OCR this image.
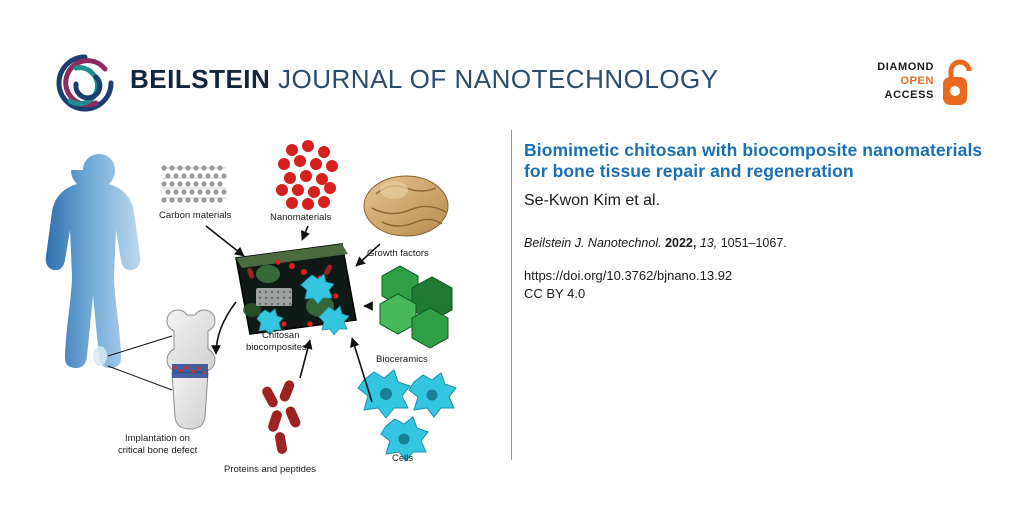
BEILSTEIN JOURNAL OF NANOTECHNOLOGY	DIAMOND
OPEN
ACCESS
Implantation on
critical bone defect
Carbon materials	Nanomaterials
Growth factors
Bioceramics
Cells
Proteins and peptides
Chitosan
biocomposites
Biomimetic chitosan with biocomposite nanomaterials for bone tissue repair and regeneration
Se-Kwon Kim et al.
Beilstein J. Nanotechnol. 2022, 13, 1051–1067.
https://doi.org/10.3762/bjnano.13.92
CC BY 4.0
